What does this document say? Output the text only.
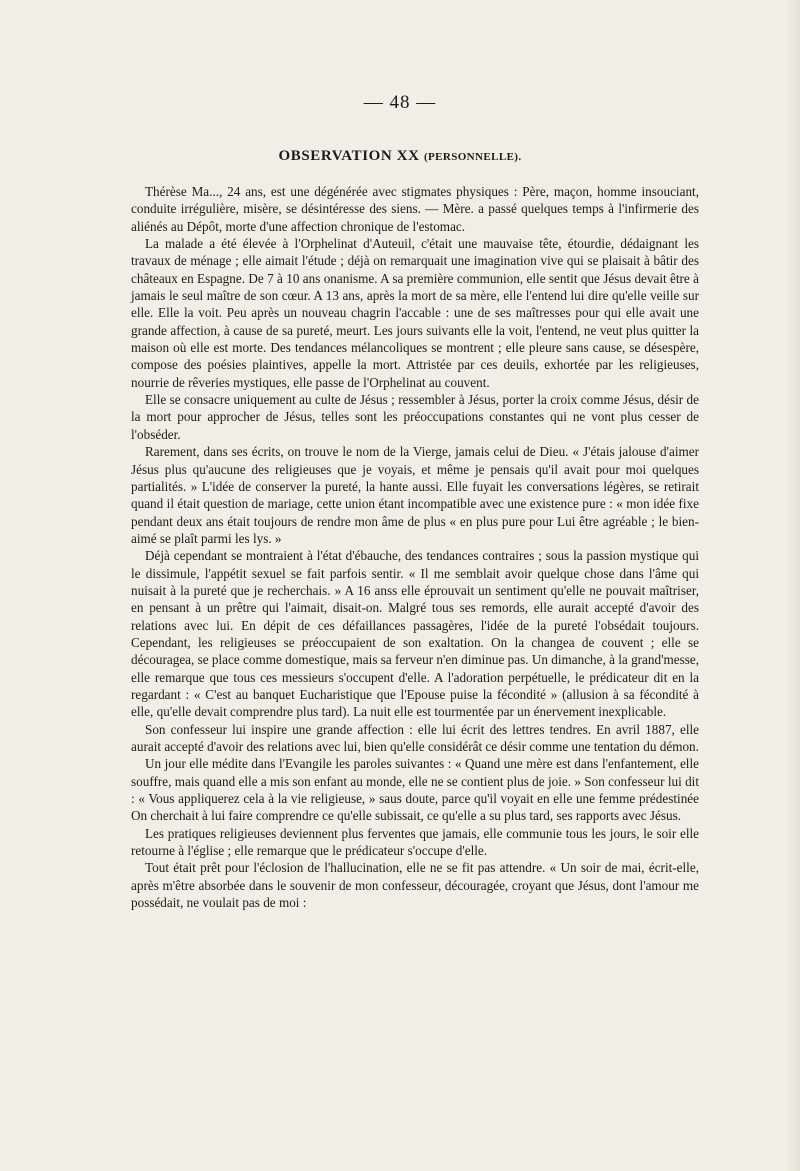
— 48 —
OBSERVATION XX (PERSONNELLE).

Thérèse Ma..., 24 ans, est une dégénérée avec stigmates physiques : Père, maçon, homme insouciant, conduite irrégulière, misère, se désintéresse des siens. — Mère. a passé quelques temps à l'infirmerie des aliénés au Dépôt, morte d'une affection chronique de l'estomac.

La malade a été élevée à l'Orphelinat d'Auteuil, c'était une mauvaise tête, étourdie, dédaignant les travaux de ménage ; elle aimait l'étude ; déjà on remarquait une imagination vive qui se plaisait à bâtir des châteaux en Espagne. De 7 à 10 ans onanisme. A sa première communion, elle sentit que Jésus devait être à jamais le seul maître de son cœur. A 13 ans, après la mort de sa mère, elle l'entend lui dire qu'elle veille sur elle. Elle la voit. Peu après un nouveau chagrin l'accable : une de ses maîtresses pour qui elle avait une grande affection, à cause de sa pureté, meurt. Les jours suivants elle la voit, l'entend, ne veut plus quitter la maison où elle est morte. Des tendances mélancoliques se montrent ; elle pleure sans cause, se désespère, compose des poésies plaintives, appelle la mort. Attristée par ces deuils, exhortée par les religieuses, nourrie de rêveries mystiques, elle passe de l'Orphelinat au couvent.

Elle se consacre uniquement au culte de Jésus ; ressembler à Jésus, porter la croix comme Jésus, désir de la mort pour approcher de Jésus, telles sont les préoccupations constantes qui ne vont plus cesser de l'obséder.

Rarement, dans ses écrits, on trouve le nom de la Vierge, jamais celui de Dieu. « J'étais jalouse d'aimer Jésus plus qu'aucune des religieuses que je voyais, et même je pensais qu'il avait pour moi quelques partialités. » L'idée de conserver la pureté, la hante aussi. Elle fuyait les conversations légères, se retirait quand il était question de mariage, cette union étant incompatible avec une existence pure : « mon idée fixe pendant deux ans était toujours de rendre mon âme de plus « en plus pure pour Lui être agréable ; le bien-aimé se plaît parmi les lys. »

Déjà cependant se montraient à l'état d'ébauche, des tendances contraires ; sous la passion mystique qui le dissimule, l'appétit sexuel se fait parfois sentir. « Il me semblait avoir quelque chose dans l'âme qui nuisait à la pureté que je recherchais. » A 16 anss elle éprouvait un sentiment qu'elle ne pouvait maîtriser, en pensant à un prêtre qui l'aimait, disait-on. Malgré tous ses remords, elle aurait accepté d'avoir des relations avec lui. En dépit de ces défaillances passagères, l'idée de la pureté l'obsédait toujours. Cependant, les religieuses se préoccupaient de son exaltation. On la changea de couvent ; elle se découragea, se place comme domestique, mais sa ferveur n'en diminue pas. Un dimanche, à la grand'messe, elle remarque que tous ces messieurs s'occupent d'elle. A l'adoration perpétuelle, le prédicateur dit en la regardant : « C'est au banquet Eucharistique que l'Epouse puise la fécondité » (allusion à sa fécondité à elle, qu'elle devait comprendre plus tard). La nuit elle est tourmentée par un énervement inexplicable.

Son confesseur lui inspire une grande affection : elle lui écrit des lettres tendres. En avril 1887, elle aurait accepté d'avoir des relations avec lui, bien qu'elle considérât ce désir comme une tentation du démon.

Un jour elle médite dans l'Evangile les paroles suivantes : « Quand une mère est dans l'enfantement, elle souffre, mais quand elle a mis son enfant au monde, elle ne se contient plus de joie. » Son confesseur lui dit : « Vous appliquerez cela à la vie religieuse, » saus doute, parce qu'il voyait en elle une femme prédestinée On cherchait à lui faire comprendre ce qu'elle subissait, ce qu'elle a su plus tard, ses rapports avec Jésus.

Les pratiques religieuses deviennent plus ferventes que jamais, elle communie tous les jours, le soir elle retourne à l'église ; elle remarque que le prédicateur s'occupe d'elle.

Tout était prêt pour l'éclosion de l'hallucination, elle ne se fit pas attendre. « Un soir de mai, écrit-elle, après m'être absorbée dans le souvenir de mon confesseur, découragée, croyant que Jésus, dont l'amour me possédait, ne voulait pas de moi :
